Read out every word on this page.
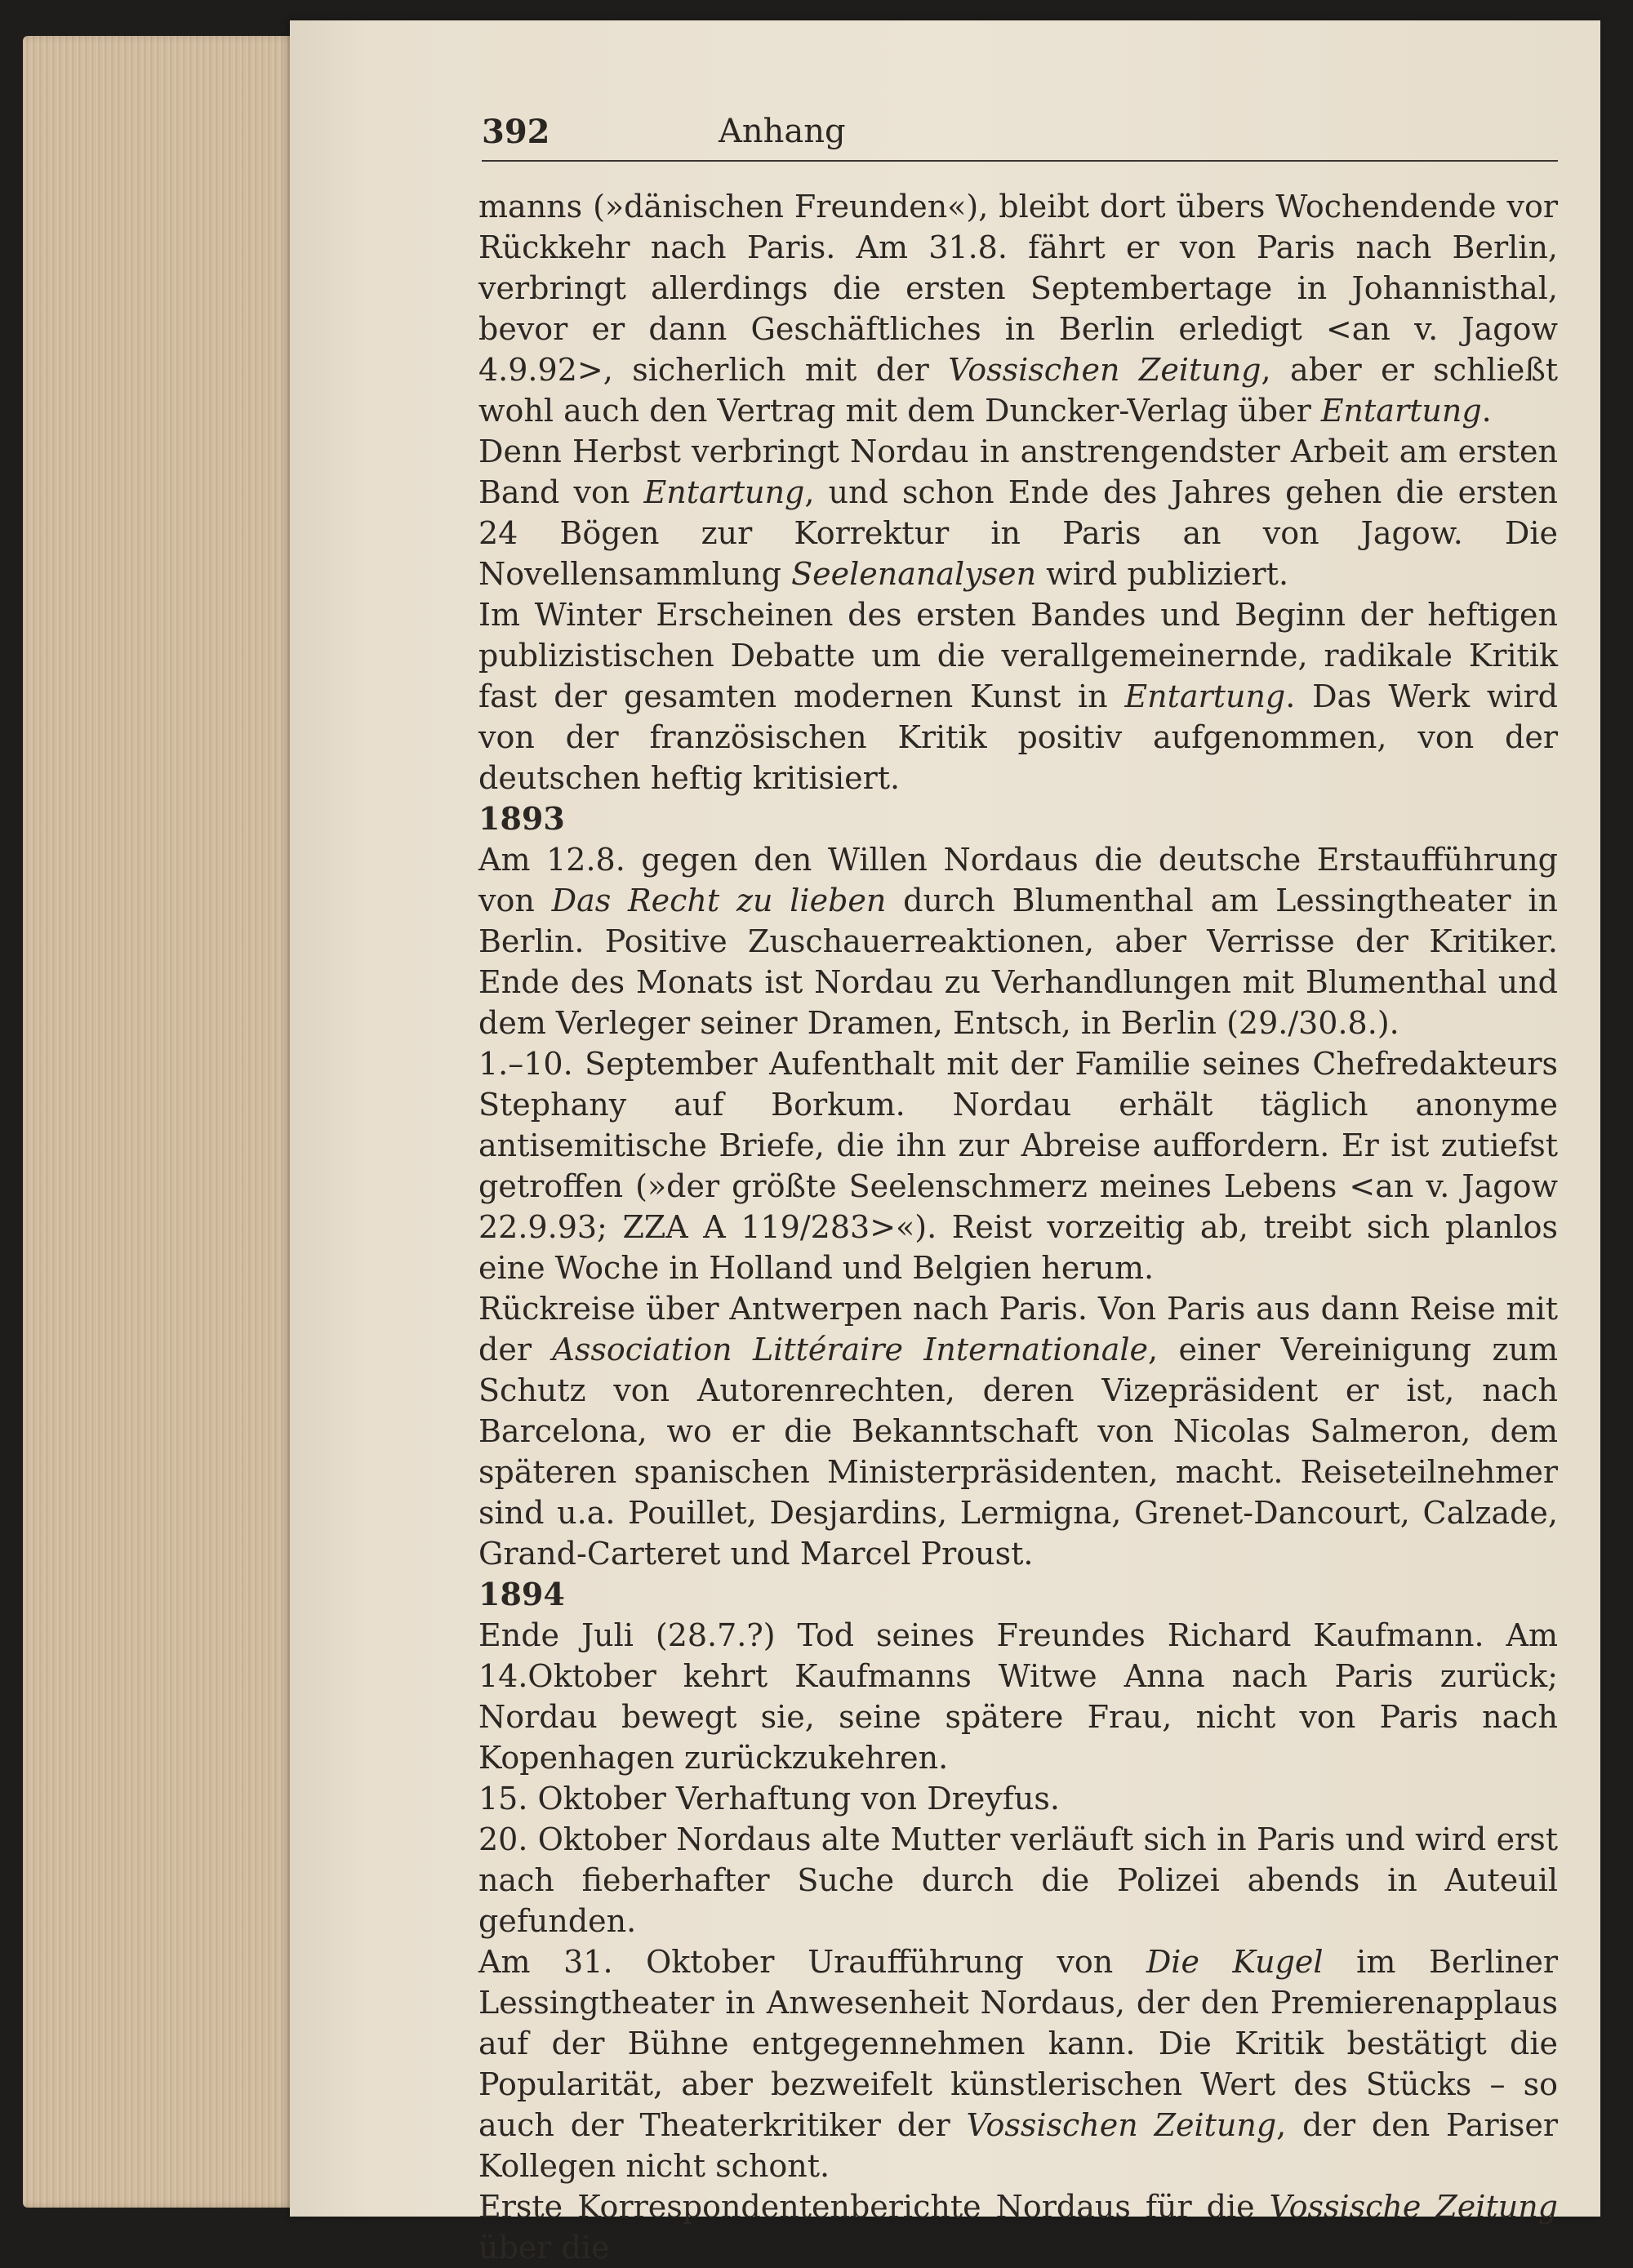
392	Anhang

manns (»dänischen Freunden«), bleibt dort übers Wochendende vor Rückkehr nach Paris. Am 31.8. fährt er von Paris nach Berlin, verbringt allerdings die ersten Septembertage in Johannisthal, bevor er dann Geschäftliches in Berlin erledigt <an v. Jagow 4.9.92>, sicherlich mit der Vossischen Zeitung, aber er schließt wohl auch den Vertrag mit dem Duncker-Verlag über Entartung.

Denn Herbst verbringt Nordau in anstrengendster Arbeit am ersten Band von Entartung, und schon Ende des Jahres gehen die ersten 24 Bögen zur Korrektur in Paris an von Jagow. Die Novellensammlung Seelenanalysen wird publiziert.

Im Winter Erscheinen des ersten Bandes und Beginn der heftigen publizistischen Debatte um die verallgemeinernde, radikale Kritik fast der gesamten modernen Kunst in Entartung. Das Werk wird von der französischen Kritik positiv aufgenommen, von der deutschen heftig kritisiert.

1893

Am 12.8. gegen den Willen Nordaus die deutsche Erstaufführung von Das Recht zu lieben durch Blumenthal am Lessingtheater in Berlin. Positive Zuschauerreaktionen, aber Verrisse der Kritiker. Ende des Monats ist Nordau zu Verhandlungen mit Blumenthal und dem Verleger seiner Dramen, Entsch, in Berlin (29./30.8.).

1.–10. September Aufenthalt mit der Familie seines Chefredakteurs Stephany auf Borkum. Nordau erhält täglich anonyme antisemitische Briefe, die ihn zur Abreise auffordern. Er ist zutiefst getroffen (»der größte Seelenschmerz meines Lebens <an v. Jagow 22.9.93; ZZA A 119/283>«). Reist vorzeitig ab, treibt sich planlos eine Woche in Holland und Belgien herum.

Rückreise über Antwerpen nach Paris. Von Paris aus dann Reise mit der Association Littéraire Internationale, einer Vereinigung zum Schutz von Autorenrechten, deren Vizepräsident er ist, nach Barcelona, wo er die Bekanntschaft von Nicolas Salmeron, dem späteren spanischen Ministerpräsidenten, macht. Reiseteilnehmer sind u.a. Pouillet, Desjardins, Lermigna, Grenet-Dancourt, Calzade, Grand-Carteret und Marcel Proust.

1894

Ende Juli (28.7.?) Tod seines Freundes Richard Kaufmann. Am 14.Oktober kehrt Kaufmanns Witwe Anna nach Paris zurück; Nordau bewegt sie, seine spätere Frau, nicht von Paris nach Kopenhagen zurückzukehren.

15. Oktober Verhaftung von Dreyfus.

20. Oktober Nordaus alte Mutter verläuft sich in Paris und wird erst nach fieberhafter Suche durch die Polizei abends in Auteuil gefunden.

Am 31. Oktober Uraufführung von Die Kugel im Berliner Lessingtheater in Anwesenheit Nordaus, der den Premierenapplaus auf der Bühne entgegennehmen kann. Die Kritik bestätigt die Popularität, aber bezweifelt künstlerischen Wert des Stücks – so auch der Theaterkritiker der Vossischen Zeitung, der den Pariser Kollegen nicht schont.

Erste Korrespondentenberichte Nordaus für die Vossische Zeitung über die
